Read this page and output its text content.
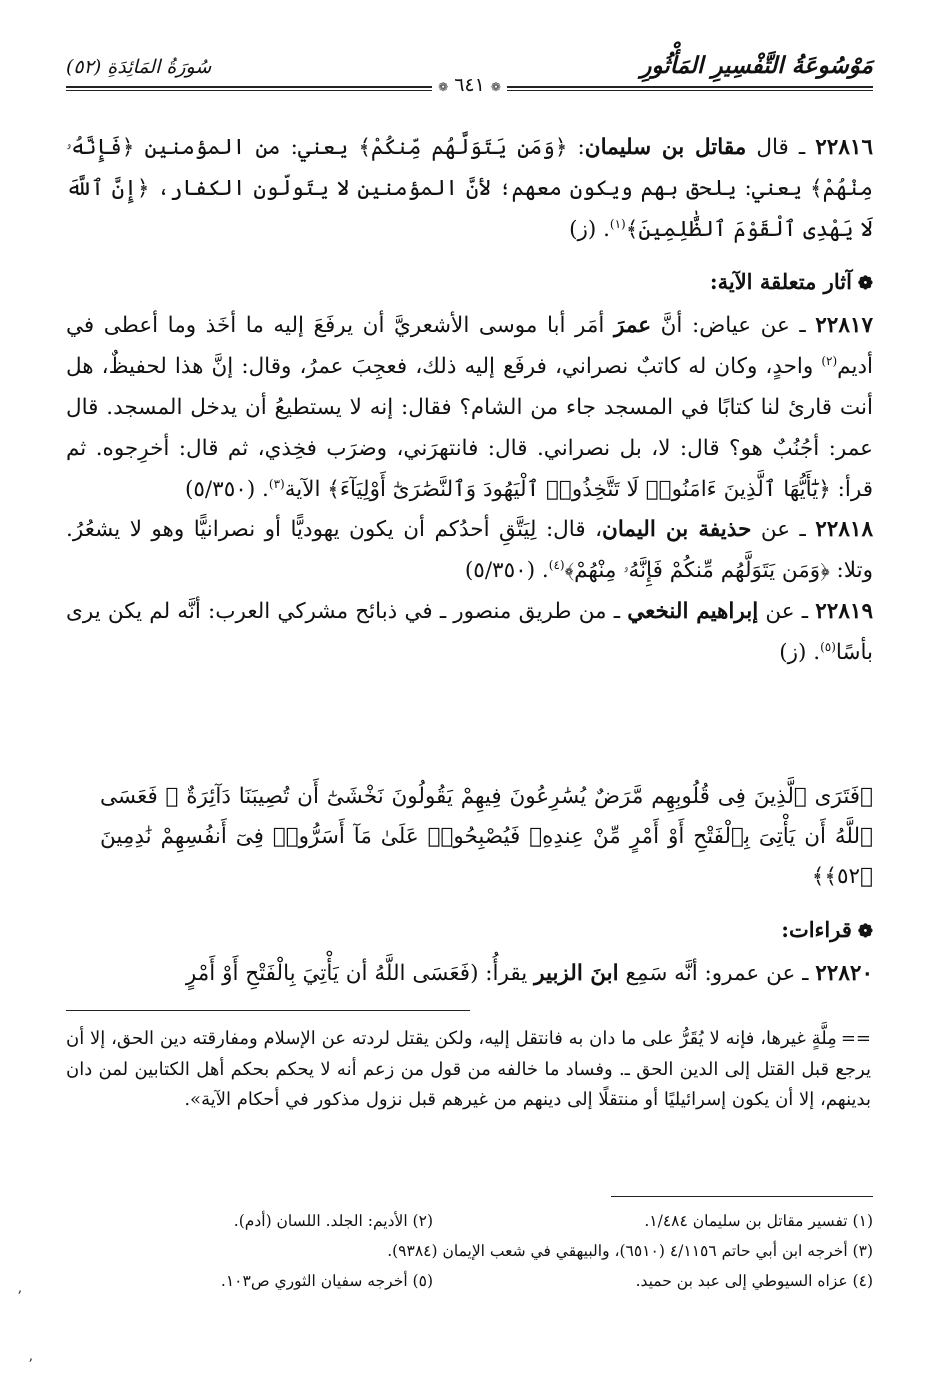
مَوْسُوعَةُ التَّفْسِيرِ المَأْثُورِ
❁ ٦٤١ ❁
سُورَةُ المَائِدَةِ (٥٢)

٢٢٨١٦ ـ قال مقاتل بن سليمان: ﴿وَمَن يَتَوَلَّهُم مِّنكُمْ﴾ يعني: من المؤمنين ﴿فَإِنَّهُۥ مِنْهُمْ﴾ يعني: يلحق بهم ويكون معهم؛ لأنَّ المؤمنين لا يتَولّون الكفار، ﴿إِنَّ ٱللَّهَ لَا يَهْدِى ٱلْقَوْمَ ٱلظَّٰلِمِينَ﴾$^{(١)}$. (ز)

❁آثار متعلقة الآية:

٢٢٨١٧ ـ عن عياض: أنَّ عمرَ أمَر أبا موسى الأشعريَّ أن يرفَعَ إليه ما أخَذ وما أعطى في أديم$^{(٢)}$ واحدٍ، وكان له كاتبٌ نصراني، فرفَع إليه ذلك، فعجِبَ عمرُ، وقال: إنَّ هذا لحفيظٌ، هل أنت قارئ لنا كتابًا في المسجد جاء من الشام؟ فقال: إنه لا يستطيعُ أن يدخل المسجد. قال عمر: أجُنُبٌ هو؟ قال: لا، بل نصراني. قال: فانتهرَني، وضرَب فخِذي، ثم قال: أخرِجوه. ثم قرأ: ﴿يَٰٓأَيُّهَا ٱلَّذِينَ ءَامَنُوا۟ لَا تَتَّخِذُوا۟ ٱلْيَهُودَ وَٱلنَّصَٰرَىٰٓ أَوْلِيَآءَ﴾ الآية$^{(٣)}$. (٥/٣٥٠)

٢٢٨١٨ ـ عن حذيفة بن اليمان، قال: لِيَتَّقِ أحدُكم أن يكون يهوديًّا أو نصرانيًّا وهو لا يشعُرُ. وتلا: ﴿وَمَن يَتَوَلَّهُم مِّنكُمْ فَإِنَّهُۥ مِنْهُمْ﴾$^{(٤)}$. (٥/٣٥٠)

٢٢٨١٩ ـ عن إبراهيم النخعي ـ من طريق منصور ـ في ذبائح مشركي العرب: أنَّه لم يكن يرى بأسًا$^{(٥)}$. (ز)

﴿فَتَرَى ٱلَّذِينَ فِى قُلُوبِهِم مَّرَضٌ يُسَٰرِعُونَ فِيهِمْ يَقُولُونَ نَخْشَىٰٓ أَن تُصِيبَنَا دَآئِرَةٌ ۚ فَعَسَى ٱللَّهُ أَن يَأْتِىَ بِٱلْفَتْحِ أَوْ أَمْرٍ مِّنْ عِندِهِۦ فَيُصْبِحُوا۟ عَلَىٰ مَآ أَسَرُّوا۟ فِىٓ أَنفُسِهِمْ نَٰدِمِينَ ﴿٥٢﴾﴾
❁قراءات:

٢٢٨٢٠ ـ عن عمرو: أنَّه سَمِع ابنَ الزبير يقرأُ: (فَعَسَى اللَّهُ أن يَأْتِيَ بِالْفَتْحِ أَوْ أَمْرٍ

==مِلَّةٍ غيرها، فإنه لا يُقَرُّ على ما دان به فانتقل إليه، ولكن يقتل لردته عن الإسلام ومفارقته دين الحق، إلا أن يرجع قبل القتل إلى الدين الحق ـ. وفساد ما خالفه من قول من زعم أنه لا يحكم بحكم أهل الكتابين لمن دان بدينهم، إلا أن يكون إسرائيليًا أو منتقلًا إلى دينهم من غيرهم قبل نزول مذكور في أحكام الآية».
(١) تفسير مقاتل بن سليمان ١/٤٨٤.
(٢) الأديم: الجلد. اللسان (أدم).
(٣) أخرجه ابن أبي حاتم ٤/١١٥٦ (٦٥١٠)، والبيهقي في شعب الإيمان (٩٣٨٤).
(٤) عزاه السيوطي إلى عبد بن حميد.
(٥) أخرجه سفيان الثوري ص١٠٣.
ʼ
ʼ
